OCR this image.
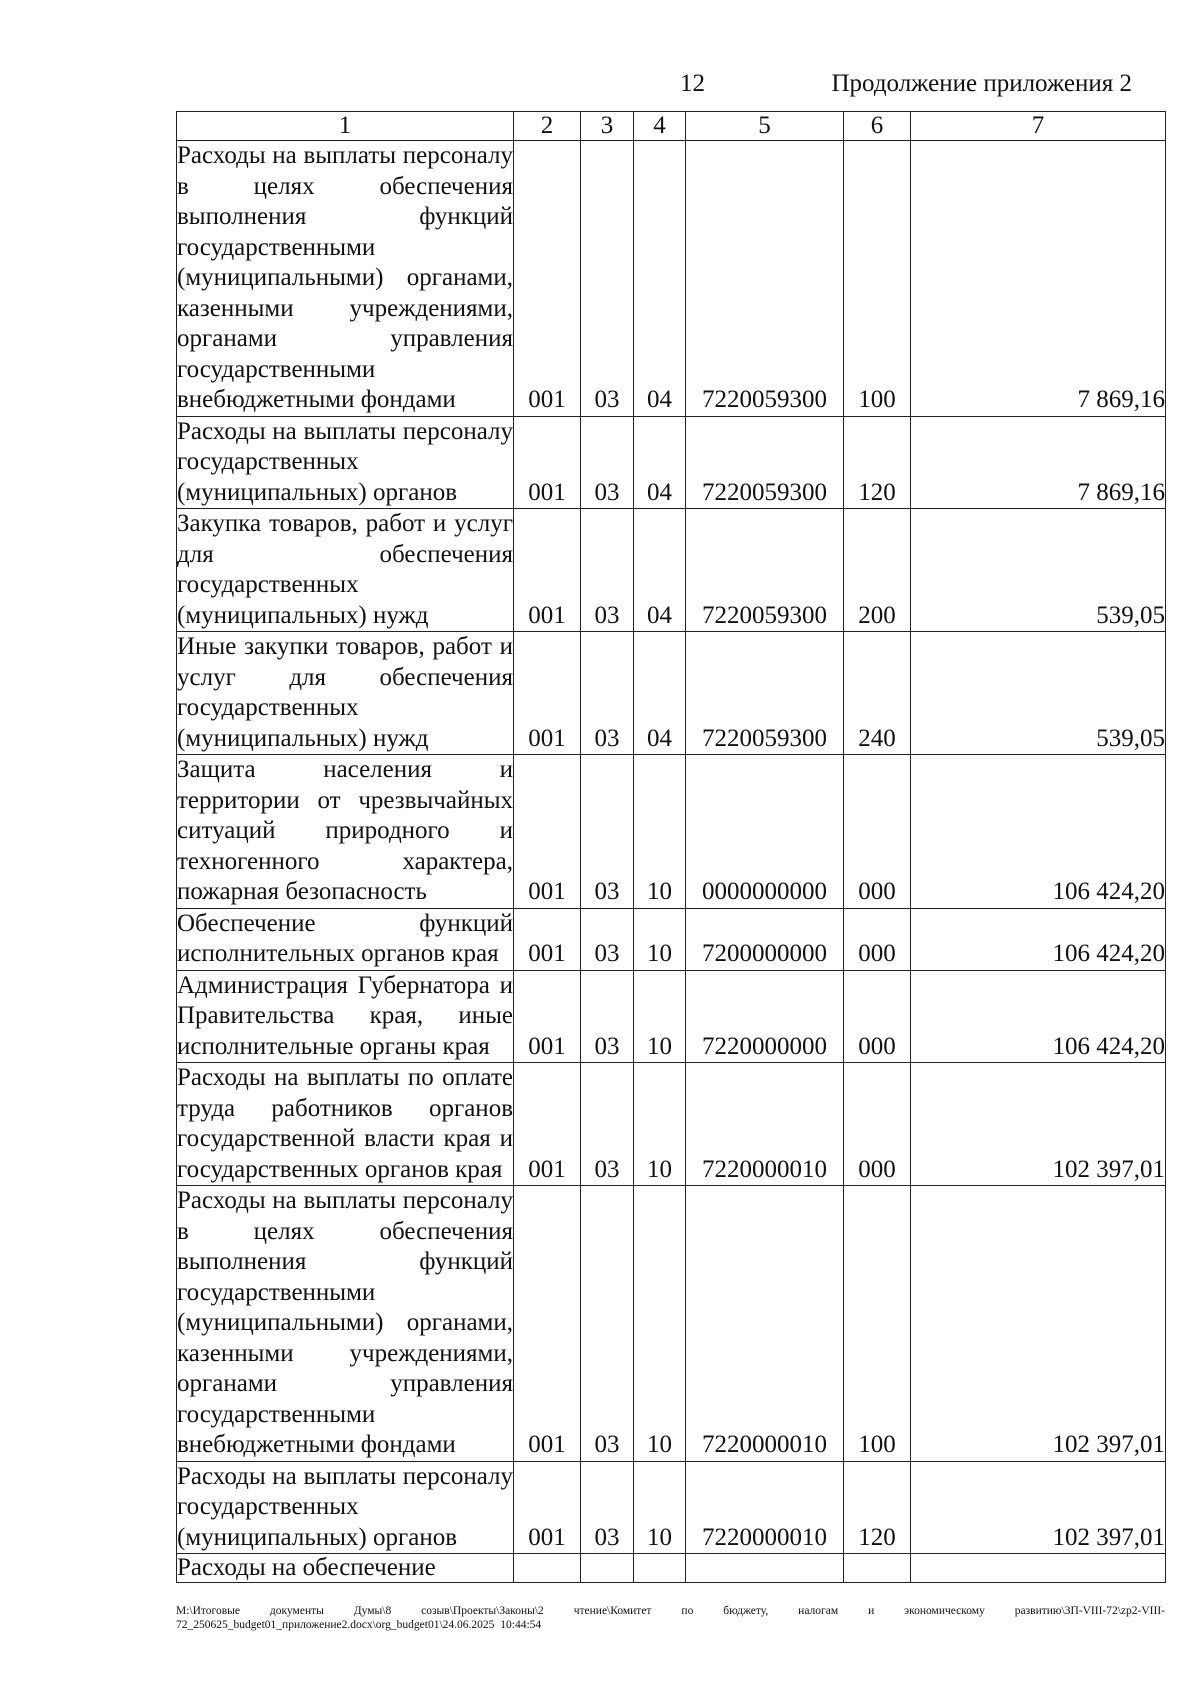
12	Продолжение приложения 2
1	2	3	4	5	6	7
Расходы на выплаты персоналу в целях обеспечения выполнения функций государственными (муниципальными) органами, казенными учреждениями, органами управления государственными внебюджетными фондами	001	03	04	7220059300	100	7 869,16
Расходы на выплаты персоналу государственных (муниципальных) органов	001	03	04	7220059300	120	7 869,16
Закупка товаров, работ и услуг для обеспечения государственных (муниципальных) нужд	001	03	04	7220059300	200	539,05
Иные закупки товаров, работ и услуг для обеспечения государственных (муниципальных) нужд	001	03	04	7220059300	240	539,05
Защита населения и территории от чрезвычайных ситуаций природного и техногенного характера, пожарная безопасность	001	03	10	0000000000	000	106 424,20
Обеспечение функций исполнительных органов края	001	03	10	7200000000	000	106 424,20
Администрация Губернатора и Правительства края, иные исполнительные органы края	001	03	10	7220000000	000	106 424,20
Расходы на выплаты по оплате труда работников органов государственной власти края и государственных органов края	001	03	10	7220000010	000	102 397,01
Расходы на выплаты персоналу в целях обеспечения выполнения функций государственными (муниципальными) органами, казенными учреждениями, органами управления государственными внебюджетными фондами	001	03	10	7220000010	100	102 397,01
Расходы на выплаты персоналу государственных (муниципальных) органов	001	03	10	7220000010	120	102 397,01
Расходы на обеспечение						
M:\Итоговые документы Думы\8 созыв\Проекты\Законы\2 чтение\Комитет по бюджету, налогам и экономическому развитию\ЗП-VIII-72\zp2-VIII-72_250625_budget01_приложение2.docx\org_budget01\24.06.2025 10:44:54
